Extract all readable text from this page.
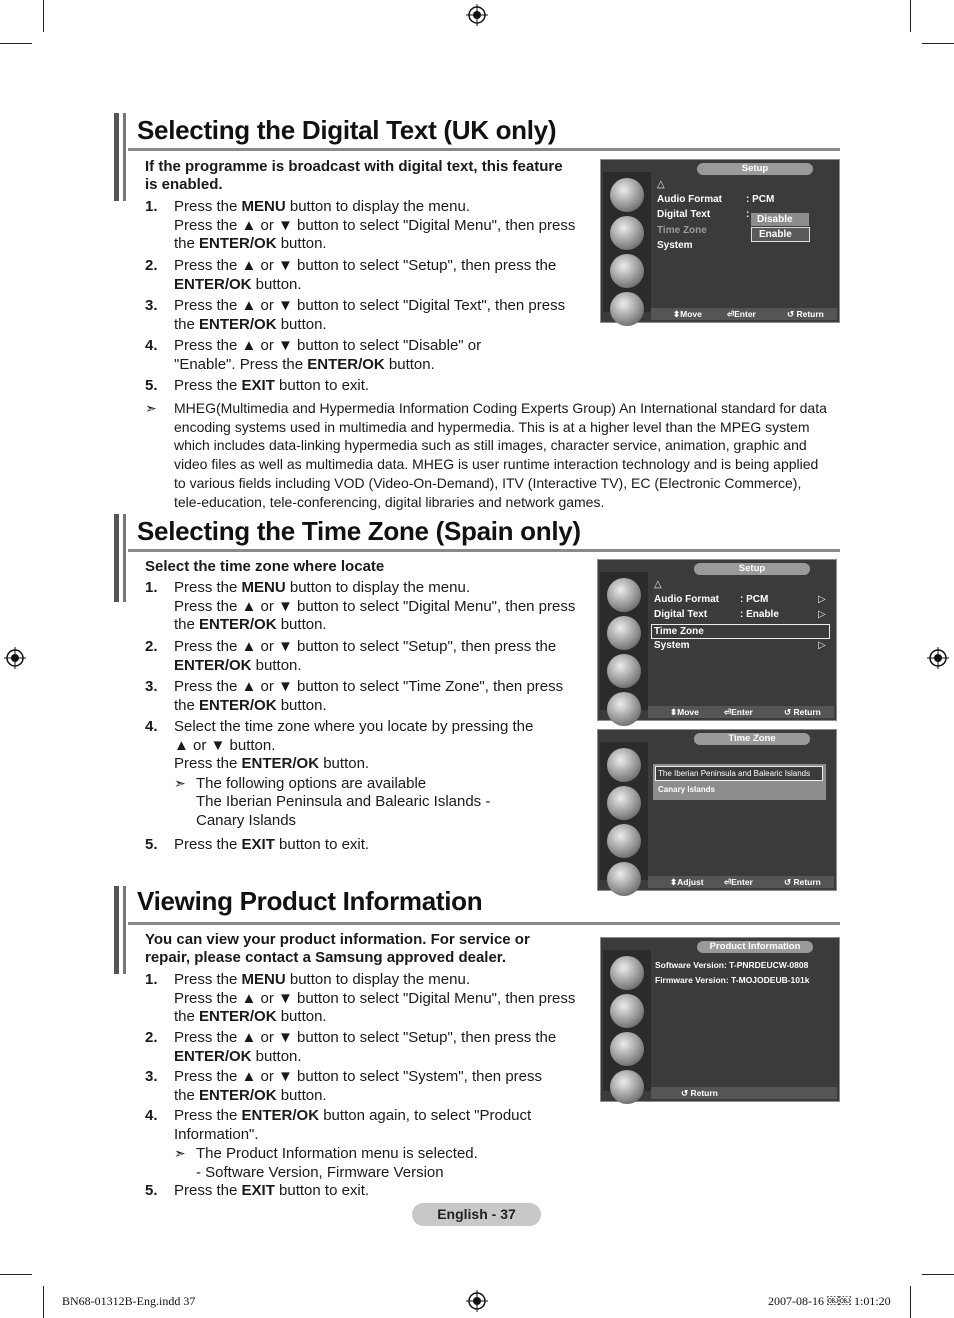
Selecting the Digital Text (UK only)
If the programme is broadcast with digital text, this feature
is enabled.
1.	Press the MENU button to display the menu.
Press the ▲ or ▼ button to select "Digital Menu", then press
the ENTER/OK button.
2.	Press the ▲ or ▼ button to select "Setup", then press the
ENTER/OK button.
3.	Press the ▲ or ▼ button to select "Digital Text", then press
the ENTER/OK button.
4.	Press the ▲ or ▼ button to select "Disable" or
"Enable". Press the ENTER/OK button.
5.	Press the EXIT button to exit.
➣ MHEG(Multimedia and Hypermedia Information Coding Experts Group) An International standard for data
encoding systems used in multimedia and hypermedia. This is at a higher level than the MPEG system
which includes data-linking hypermedia such as still images, character service, animation, graphic and
video files as well as multimedia data. MHEG is user runtime interaction technology and is being applied
to various fields including VOD (Video-On-Demand), ITV (Interactive TV), EC (Electronic Commerce),
tele-education, tele-conferencing, digital libraries and network games.
Setup
△
Audio Format : PCM
Digital Text	:
Time Zone
System
Disable
Enable
⬍Move	⏎Enter	↺ Return
Selecting the Time Zone (Spain only)
Select the time zone where locate
1.	Press the MENU button to display the menu.
Press the ▲ or ▼ button to select "Digital Menu", then press
the ENTER/OK button.
2.	Press the ▲ or ▼ button to select "Setup", then press the
ENTER/OK button.
3.	Press the ▲ or ▼ button to select "Time Zone", then press
the ENTER/OK button.
4.	Select the time zone where you locate by pressing the
▲ or ▼ button.
Press the ENTER/OK button.
➣ The following options are available
The Iberian Peninsula and Balearic Islands -
Canary Islands
5.	Press the EXIT button to exit.
Setup
△
Audio Format : PCM	▷
Digital Text	: Enable	▷
Time Zone
System	▷
⬍Move	⏎Enter	↺ Return
Time Zone
The Iberian Peninsula and Balearic Islands
Canary Islands
⬍Adjust ⏎Enter	↺ Return
Viewing Product Information
You can view your product information. For service or
repair, please contact a Samsung approved dealer.
1.	Press the MENU button to display the menu.
Press the ▲ or ▼ button to select "Digital Menu", then press
the ENTER/OK button.
2.	Press the ▲ or ▼ button to select "Setup", then press the
ENTER/OK button.
3.	Press the ▲ or ▼ button to select "System", then press
the ENTER/OK button.
4.	Press the ENTER/OK button again, to select "Product
Information".
➣ The Product Information menu is selected.
- Software Version, Firmware Version
5.	Press the EXIT button to exit.
Product Information
Software Version: T-PNRDEUCW-0808
Firmware Version: T-MOJODEUB-101k
↺ Return
English - 37
BN68-01312B-Eng.indd 37	2007-08-16 ￼￼ 1:01:20
